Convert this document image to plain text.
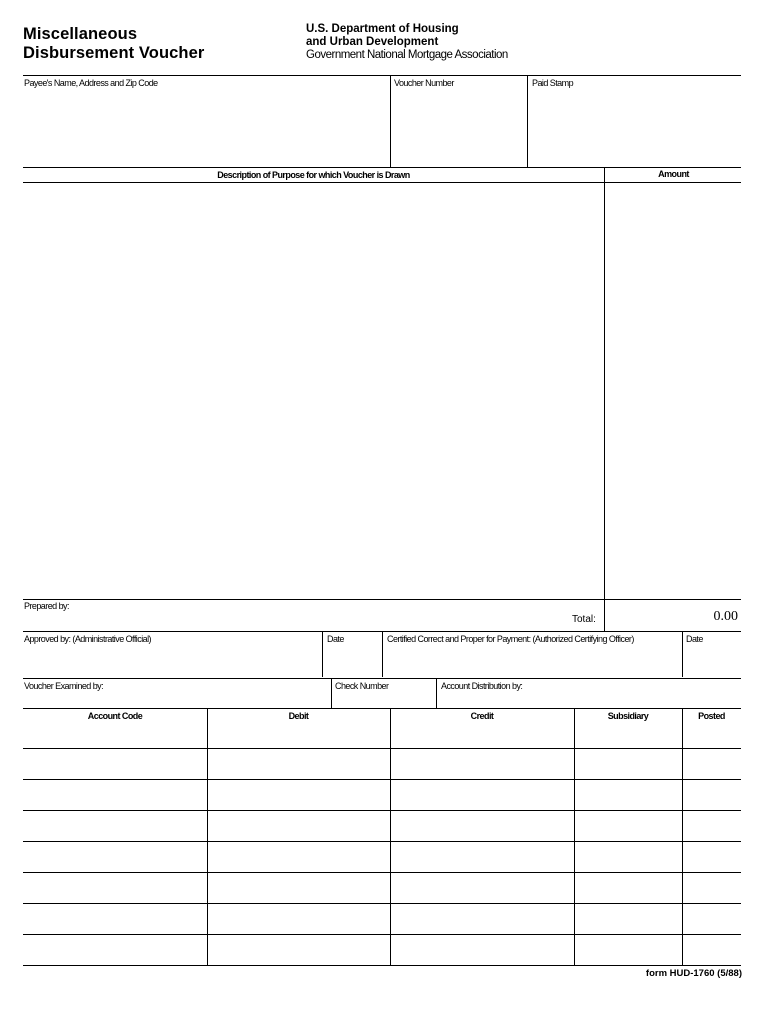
Miscellaneous
Disbursement Voucher
U.S. Department of Housing
and Urban Development
Government National Mortgage Association
Payee's Name, Address and Zip Code	Voucher Number	Paid Stamp
Description of Purpose for which Voucher is Drawn	Amount
Prepared by:
Total:	0.00
Approved by: (Administrative Official)	Date	Certified Correct and Proper for Payment: (Authorized Certifying Officer)	Date
Voucher Examined by:	Check Number	Account Distribution by:
Account Code	Debit	Credit	Subsidiary	Posted
form HUD-1760 (5/88)
